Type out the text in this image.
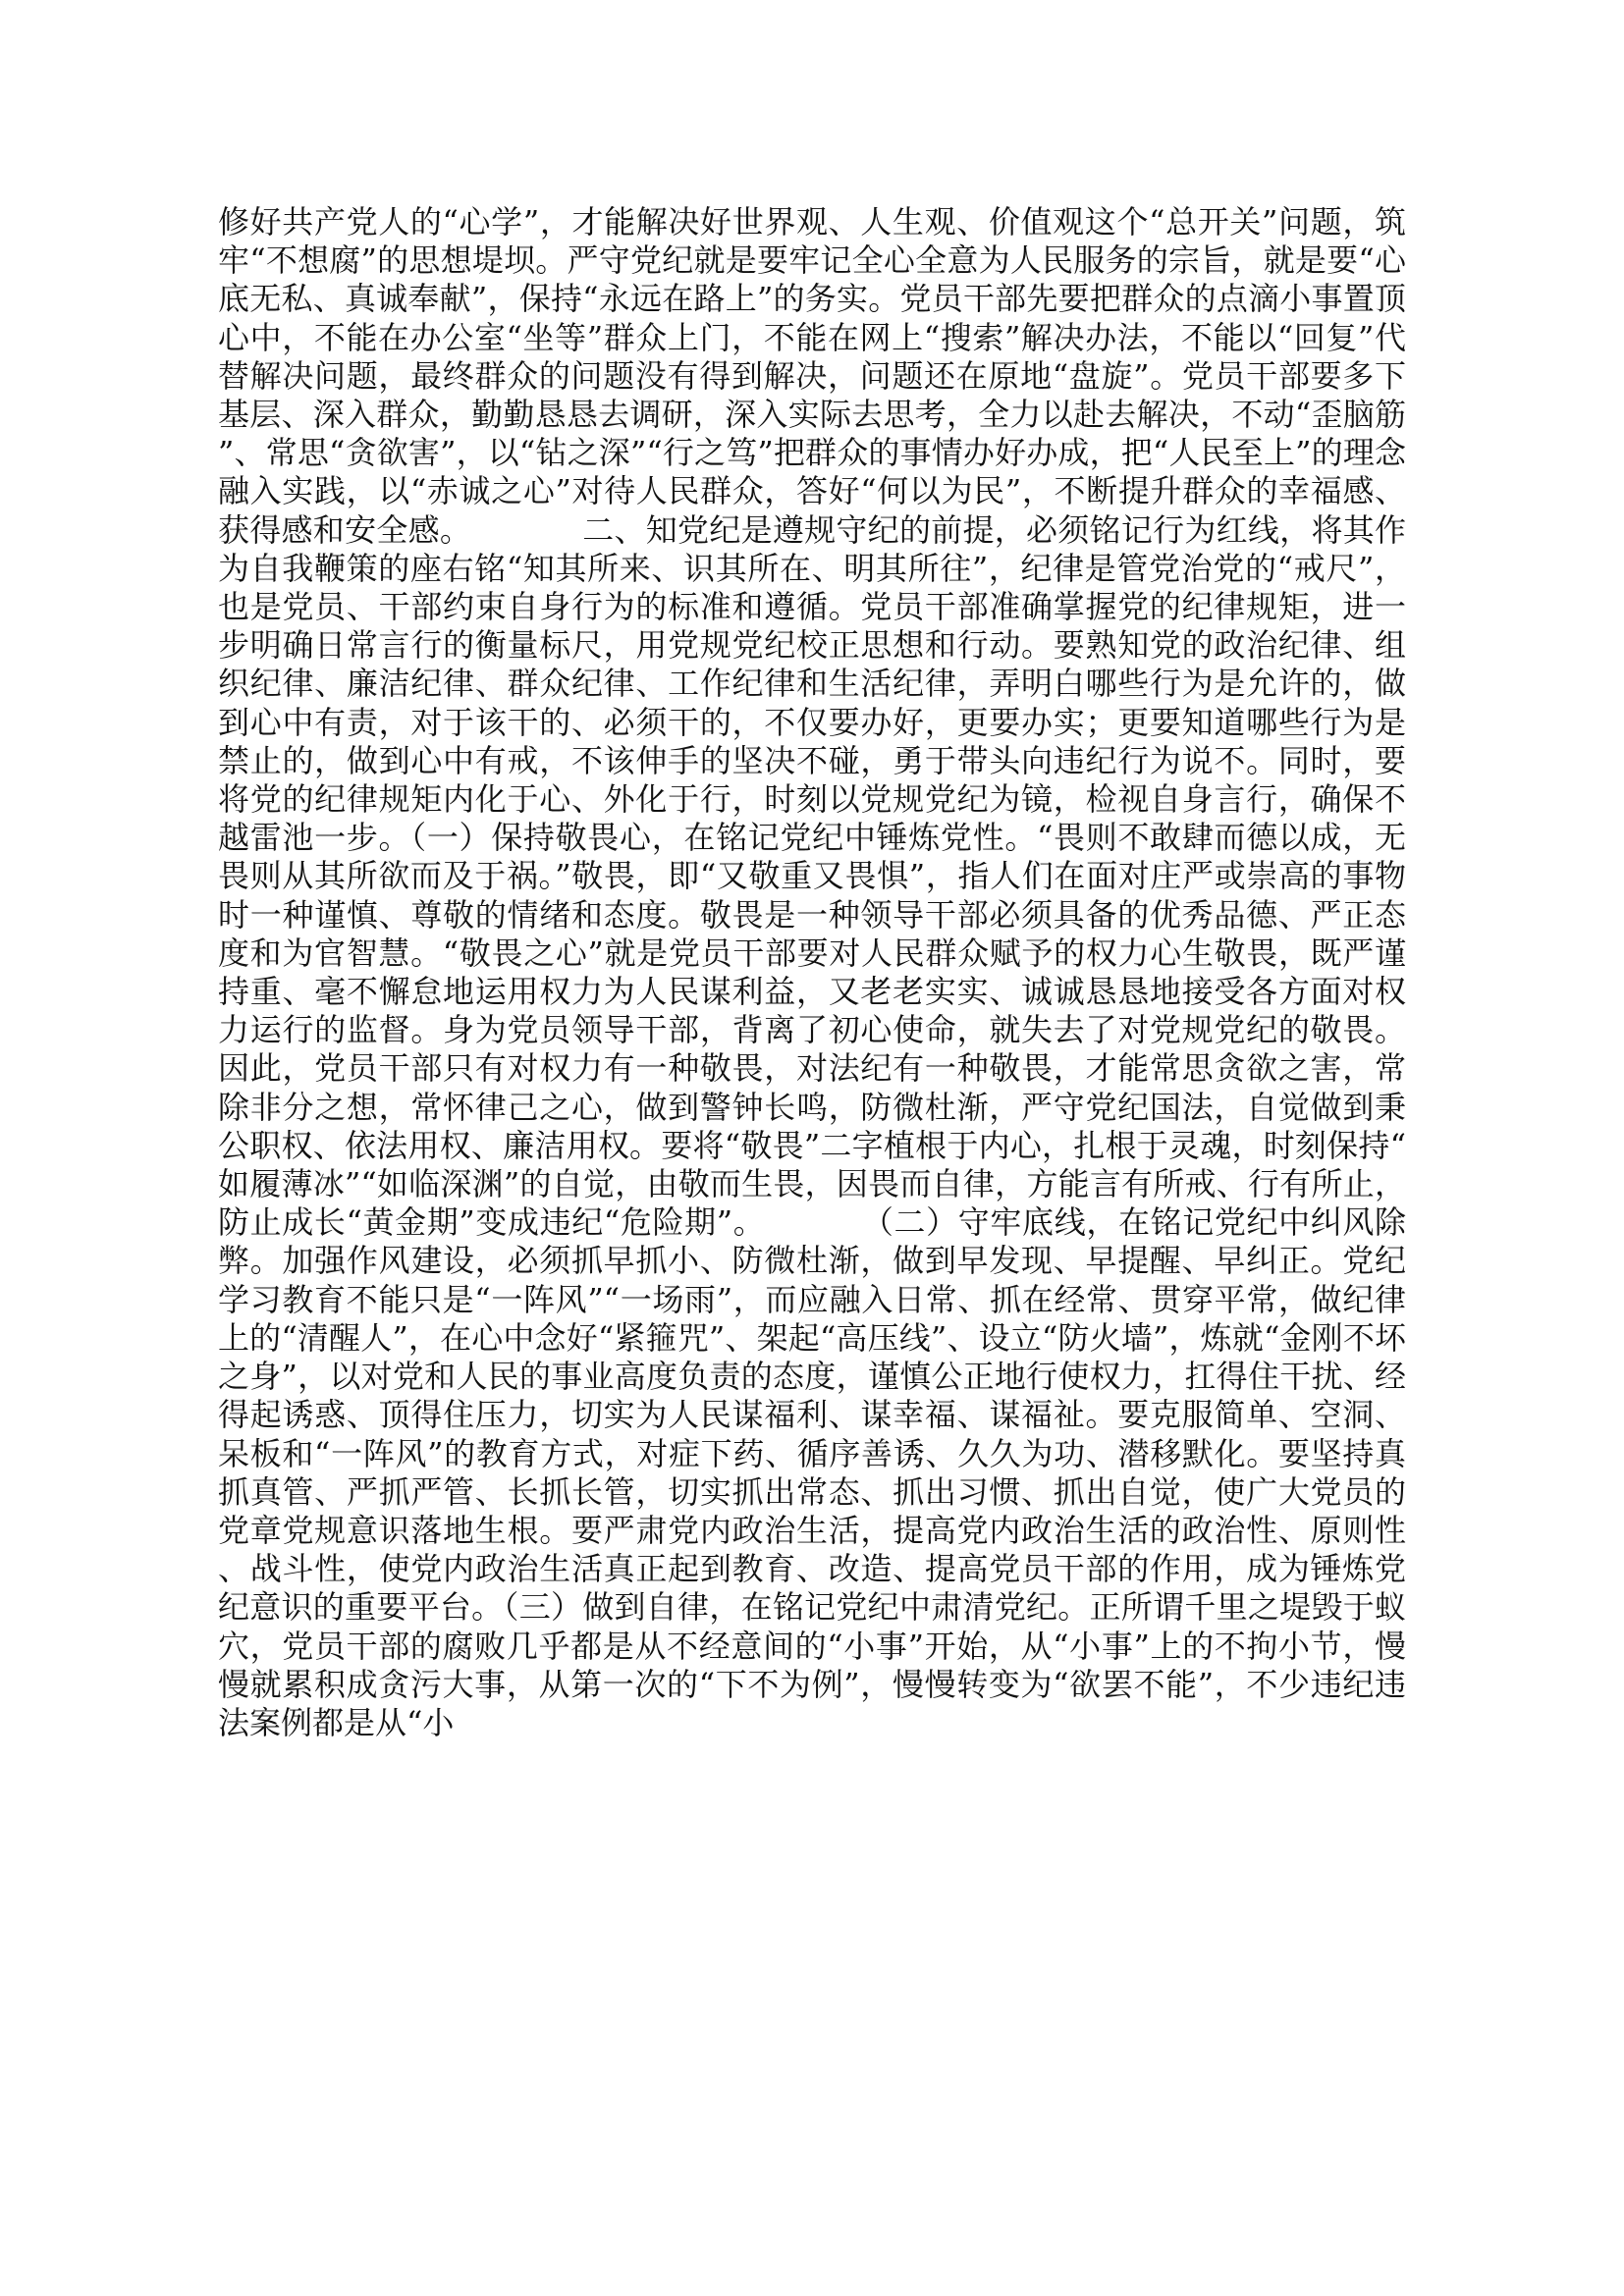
修好共产党人的“心学”，才能解决好世界观、人生观、价值观这个“总开关”问题，筑牢“不想腐”的思想堤坝。严守党纪就是要牢记全心全意为人民服务的宗旨，就是要“心底无私、真诚奉献”，保持“永远在路上”的务实。党员干部先要把群众的点滴小事置顶心中，不能在办公室“坐等”群众上门，不能在网上“搜索”解决办法，不能以“回复”代替解决问题，最终群众的问题没有得到解决，问题还在原地“盘旋”。党员干部要多下基层、深入群众，勤勤恳恳去调研，深入实际去思考，全力以赴去解决，不动“歪脑筋”、常思“贪欲害”，以“钻之深”“行之笃”把群众的事情办好办成，把“人民至上”的理念融入实践，以“赤诚之心”对待人民群众，答好“何以为民”，不断提升群众的幸福感、获得感和安全感。　　　　二、知党纪是遵规守纪的前提，必须铭记行为红线，将其作为自我鞭策的座右铭“知其所来、识其所在、明其所往”，纪律是管党治党的“戒尺”，也是党员、干部约束自身行为的标准和遵循。党员干部准确掌握党的纪律规矩，进一步明确日常言行的衡量标尺，用党规党纪校正思想和行动。要熟知党的政治纪律、组织纪律、廉洁纪律、群众纪律、工作纪律和生活纪律，弄明白哪些行为是允许的，做到心中有责，对于该干的、必须干的，不仅要办好，更要办实；更要知道哪些行为是禁止的，做到心中有戒，不该伸手的坚决不碰，勇于带头向违纪行为说不。同时，要将党的纪律规矩内化于心、外化于行，时刻以党规党纪为镜，检视自身言行，确保不越雷池一步。（一）保持敬畏心，在铭记党纪中锤炼党性。“畏则不敢肆而德以成，无畏则从其所欲而及于祸。”敬畏，即“又敬重又畏惧”，指人们在面对庄严或崇高的事物时一种谨慎、尊敬的情绪和态度。敬畏是一种领导干部必须具备的优秀品德、严正态度和为官智慧。“敬畏之心”就是党员干部要对人民群众赋予的权力心生敬畏，既严谨持重、毫不懈怠地运用权力为人民谋利益，又老老实实、诚诚恳恳地接受各方面对权力运行的监督。身为党员领导干部，背离了初心使命，就失去了对党规党纪的敬畏。因此，党员干部只有对权力有一种敬畏，对法纪有一种敬畏，才能常思贪欲之害，常除非分之想，常怀律己之心，做到警钟长鸣，防微杜渐，严守党纪国法，自觉做到秉公职权、依法用权、廉洁用权。要将“敬畏”二字植根于内心，扎根于灵魂，时刻保持“如履薄冰”“如临深渊”的自觉，由敬而生畏，因畏而自律，方能言有所戒、行有所止，防止成长“黄金期”变成违纪“危险期”。　　　　（二）守牢底线，在铭记党纪中纠风除弊。加强作风建设，必须抓早抓小、防微杜渐，做到早发现、早提醒、早纠正。党纪学习教育不能只是“一阵风”“一场雨”，而应融入日常、抓在经常、贯穿平常，做纪律上的“清醒人”，在心中念好“紧箍咒”、架起“高压线”、设立“防火墙”，炼就“金刚不坏之身”，以对党和人民的事业高度负责的态度，谨慎公正地行使权力，扛得住干扰、经得起诱惑、顶得住压力，切实为人民谋福利、谋幸福、谋福祉。要克服简单、空洞、呆板和“一阵风”的教育方式，对症下药、循序善诱、久久为功、潜移默化。要坚持真抓真管、严抓严管、长抓长管，切实抓出常态、抓出习惯、抓出自觉，使广大党员的党章党规意识落地生根。要严肃党内政治生活，提高党内政治生活的政治性、原则性、战斗性，使党内政治生活真正起到教育、改造、提高党员干部的作用，成为锤炼党纪意识的重要平台。（三）做到自律，在铭记党纪中肃清党纪。正所谓千里之堤毁于蚁穴，党员干部的腐败几乎都是从不经意间的“小事”开始，从“小事”上的不拘小节，慢慢就累积成贪污大事，从第一次的“下不为例”，慢慢转变为“欲罢不能”，不少违纪违法案例都是从“小
